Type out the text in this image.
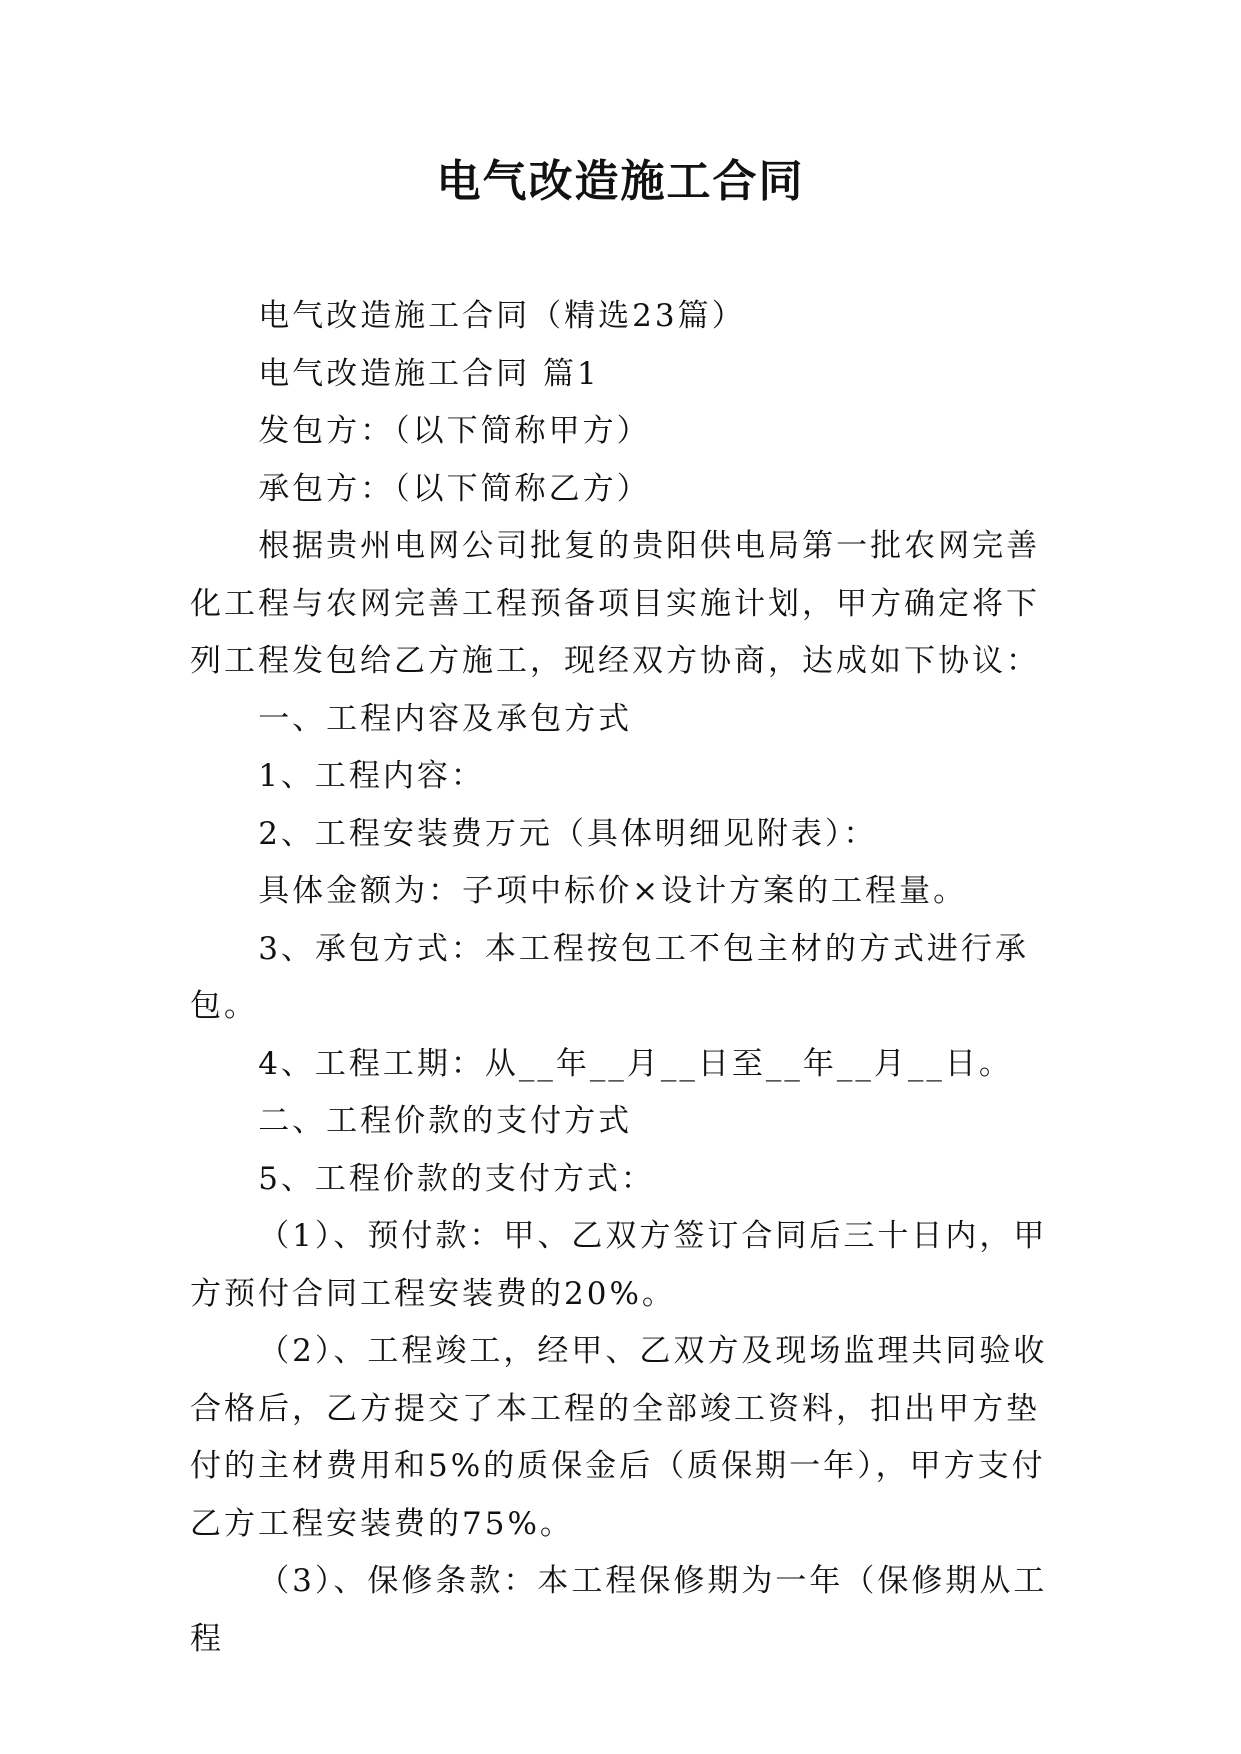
电气改造施工合同

电气改造施工合同（精选23篇）

电气改造施工合同 篇1

发包方：（以下简称甲方）

承包方：（以下简称乙方）

根据贵州电网公司批复的贵阳供电局第一批农网完善化工程与农网完善工程预备项目实施计划，甲方确定将下列工程发包给乙方施工，现经双方协商，达成如下协议：

一、工程内容及承包方式

1、工程内容：

2、工程安装费万元（具体明细见附表）：

具体金额为：子项中标价×设计方案的工程量。

3、承包方式：本工程按包工不包主材的方式进行承包。

4、工程工期：从__年__月__日至__年__月__日。

二、工程价款的支付方式

5、工程价款的支付方式：

（1）、预付款：甲、乙双方签订合同后三十日内，甲方预付合同工程安装费的20%。

（2）、工程竣工，经甲、乙双方及现场监理共同验收合格后，乙方提交了本工程的全部竣工资料，扣出甲方垫付的主材费用和5%的质保金后（质保期一年），甲方支付乙方工程安装费的75%。

（3）、保修条款：本工程保修期为一年（保修期从工程
